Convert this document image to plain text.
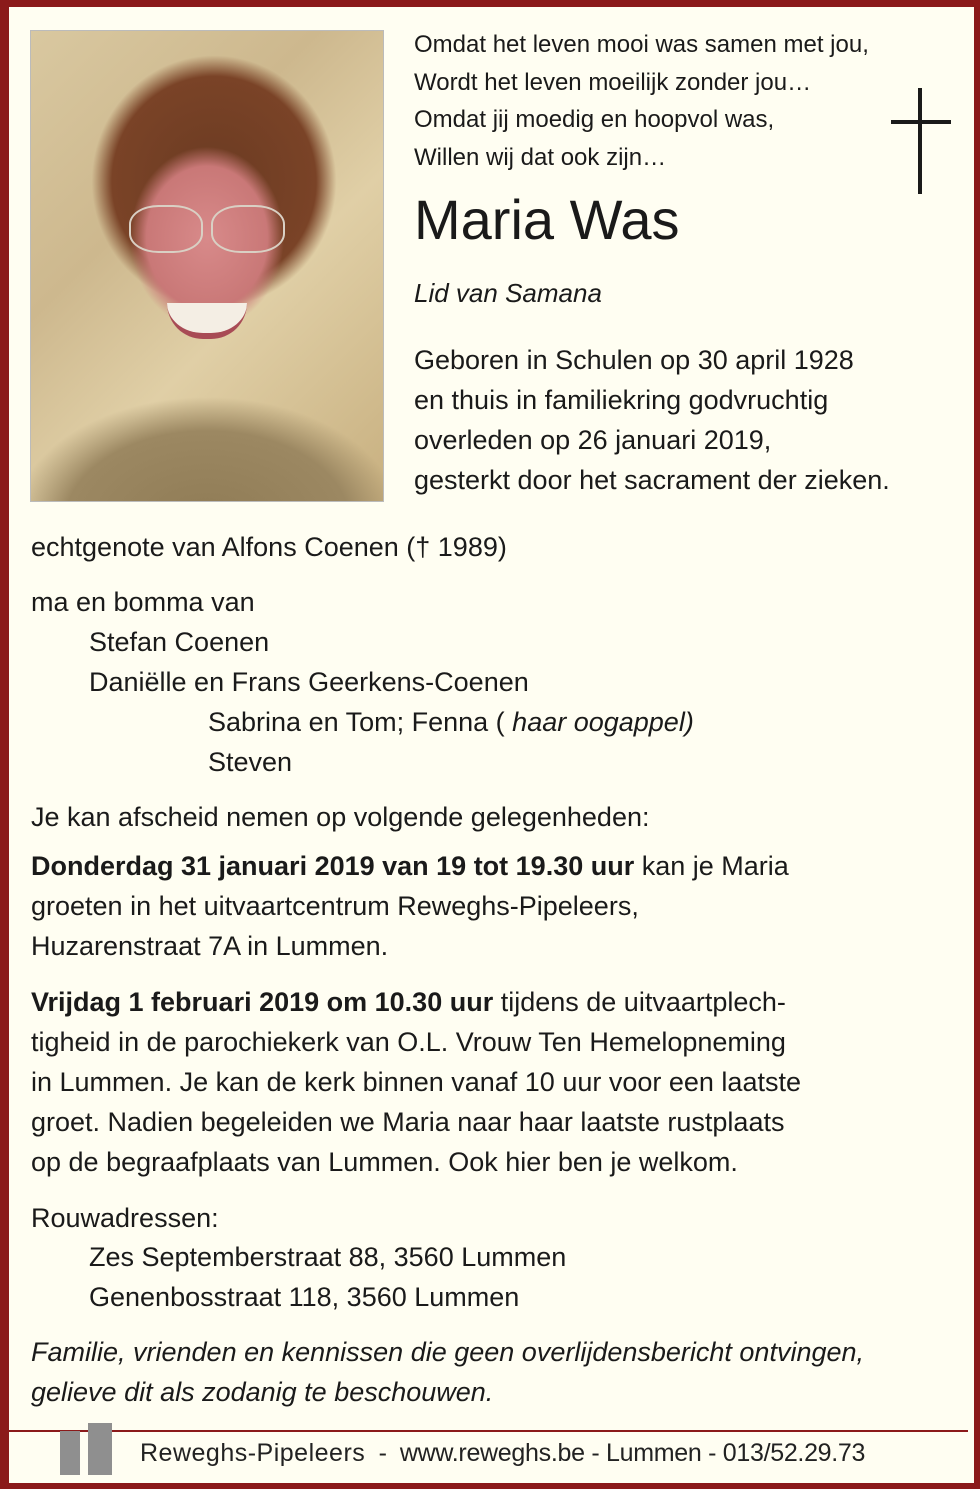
Omdat het leven mooi was samen met jou,
Wordt het leven moeilijk zonder jou…
Omdat jij moedig en hoopvol was,
Willen wij dat ook zijn…
Maria Was
Lid van Samana
Geboren in Schulen op 30 april 1928
en thuis in familiekring godvruchtig
overleden op 26 januari 2019,
gesterkt door het sacrament der zieken.
echtgenote van Alfons Coenen († 1989)
ma en bomma van
Stefan Coenen
Daniëlle en Frans Geerkens-Coenen
Sabrina en Tom; Fenna ( haar oogappel)
Steven
Je kan afscheid nemen op volgende gelegenheden:
Donderdag 31 januari 2019 van 19 tot 19.30 uur kan je Maria
groeten in het uitvaartcentrum Reweghs-Pipeleers,
Huzarenstraat 7A in Lummen.
Vrijdag 1 februari 2019 om 10.30 uur tijdens de uitvaartplech-
tigheid in de parochiekerk van O.L. Vrouw Ten Hemelopneming
in Lummen. Je kan de kerk binnen vanaf 10 uur voor een laatste
groet. Nadien begeleiden we Maria naar haar laatste rustplaats
op de begraafplaats van Lummen. Ook hier ben je welkom.
Rouwadressen:
Zes Septemberstraat 88, 3560 Lummen
Genenbosstraat 118, 3560 Lummen
Familie, vrienden en kennissen die geen overlijdensbericht ontvingen,
gelieve dit als zodanig te beschouwen.
Reweghs-Pipeleers  -  www.reweghs.be - Lummen - 013/52.29.73
